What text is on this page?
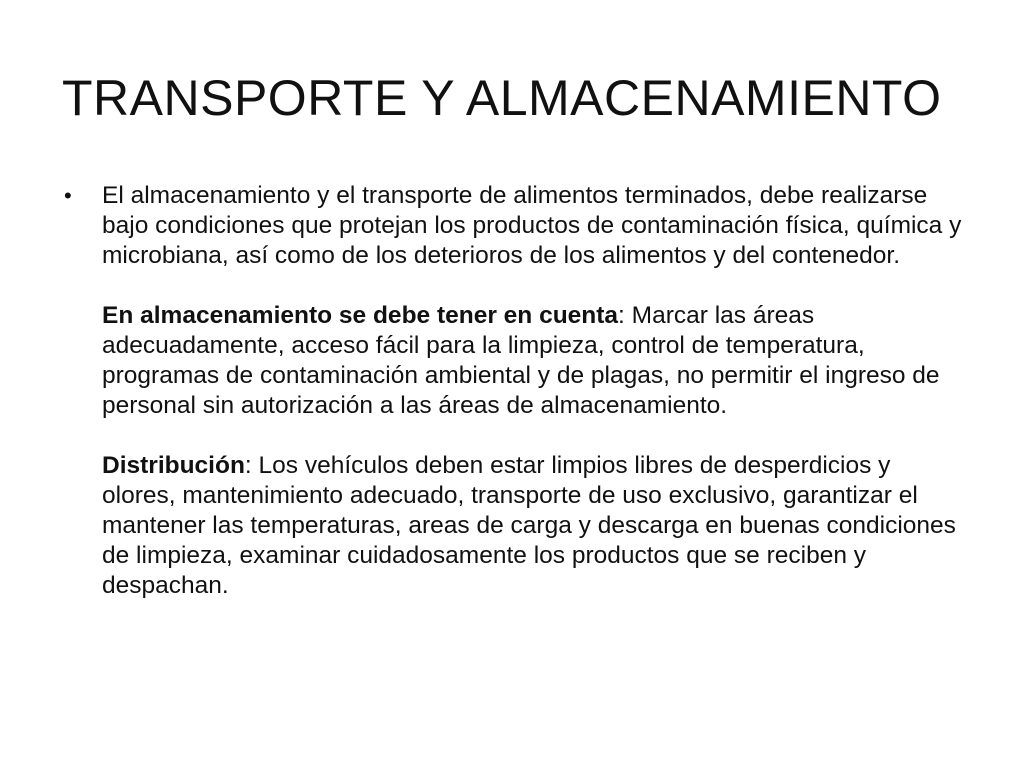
TRANSPORTE Y ALMACENAMIENTO
•	El almacenamiento y el transporte de alimentos terminados, debe realizarse bajo condiciones que protejan los productos de contaminación física, química y microbiana, así como de los deterioros de los alimentos y del contenedor.

En almacenamiento se debe tener en cuenta: Marcar las áreas adecuadamente, acceso fácil para la limpieza, control de temperatura, programas de contaminación ambiental y de plagas, no permitir el ingreso de personal sin autorización a las áreas de almacenamiento.

Distribución: Los vehículos deben estar limpios libres de desperdicios y olores, mantenimiento adecuado, transporte de uso exclusivo, garantizar el mantener las temperaturas, areas de carga y descarga en buenas condiciones de limpieza, examinar cuidadosamente los productos que se reciben y despachan.
